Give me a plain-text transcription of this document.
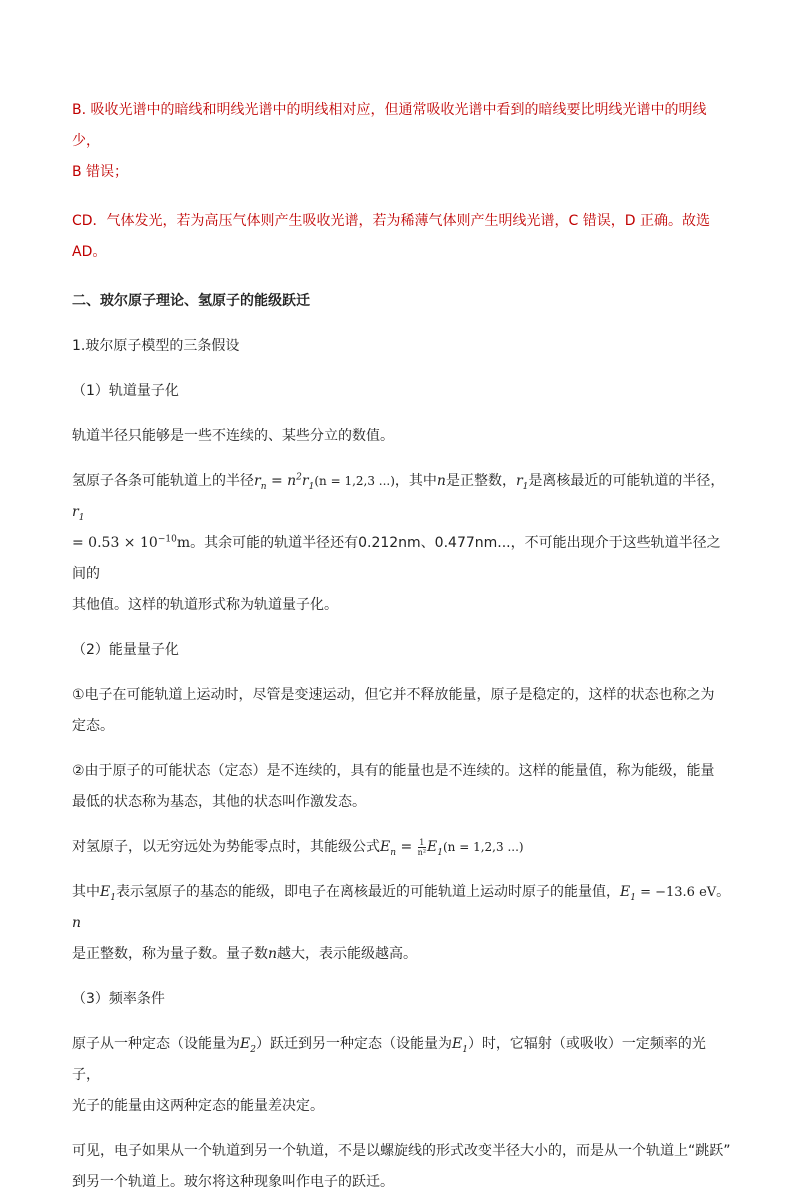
B. 吸收光谱中的暗线和明线光谱中的明线相对应，但通常吸收光谱中看到的暗线要比明线光谱中的明线少，

B 错误；

CD．气体发光，若为高压气体则产生吸收光谱，若为稀薄气体则产生明线光谱，C 错误，D 正确。故选 AD。

二、玻尔原子理论、氢原子的能级跃迁

1.玻尔原子模型的三条假设

（1）轨道量子化

轨道半径只能够是一些不连续的、某些分立的数值。

氢原子各条可能轨道上的半径$r_n = n^2r_1(n = 1,2,3$ ...)，其中n是正整数，$r_1$是离核最近的可能轨道的半径，$r_1$

= $0.53 \times 10^{-10}m$。其余可能的轨道半径还有0.212nm、0.477nm...，不可能出现介于这些轨道半径之间的

其他值。这样的轨道形式称为轨道量子化。

（2）能量量子化

①电子在可能轨道上运动时，尽管是变速运动，但它并不释放能量，原子是稳定的，这样的状态也称之为

定态。

②由于原子的可能状态（定态）是不连续的，具有的能量也是不连续的。这样的能量值，称为能级，能量

最低的状态称为基态，其他的状态叫作激发态。

对氢原子，以无穷远处为势能零点时，其能级公式$E_n = \frac{1}{\text{n²}} E_1(n = 1,2,3$ ...)

其中$E_1$表示氢原子的基态的能级，即电子在离核最近的可能轨道上运动时原子的能量值，$E_1 = -13.6$ eV。n

是正整数，称为量子数。量子数n越大，表示能级越高。

（3）频率条件

原子从一种定态（设能量为$E_2$）跃迁到另一种定态（设能量为$E_1$）时，它辐射（或吸收）一定频率的光子，

光子的能量由这两种定态的能量差决定。

可见，电子如果从一个轨道到另一个轨道，不是以螺旋线的形式改变半径大小的，而是从一个轨道上“跳跃”

到另一个轨道上。玻尔将这种现象叫作电子的跃迁。
